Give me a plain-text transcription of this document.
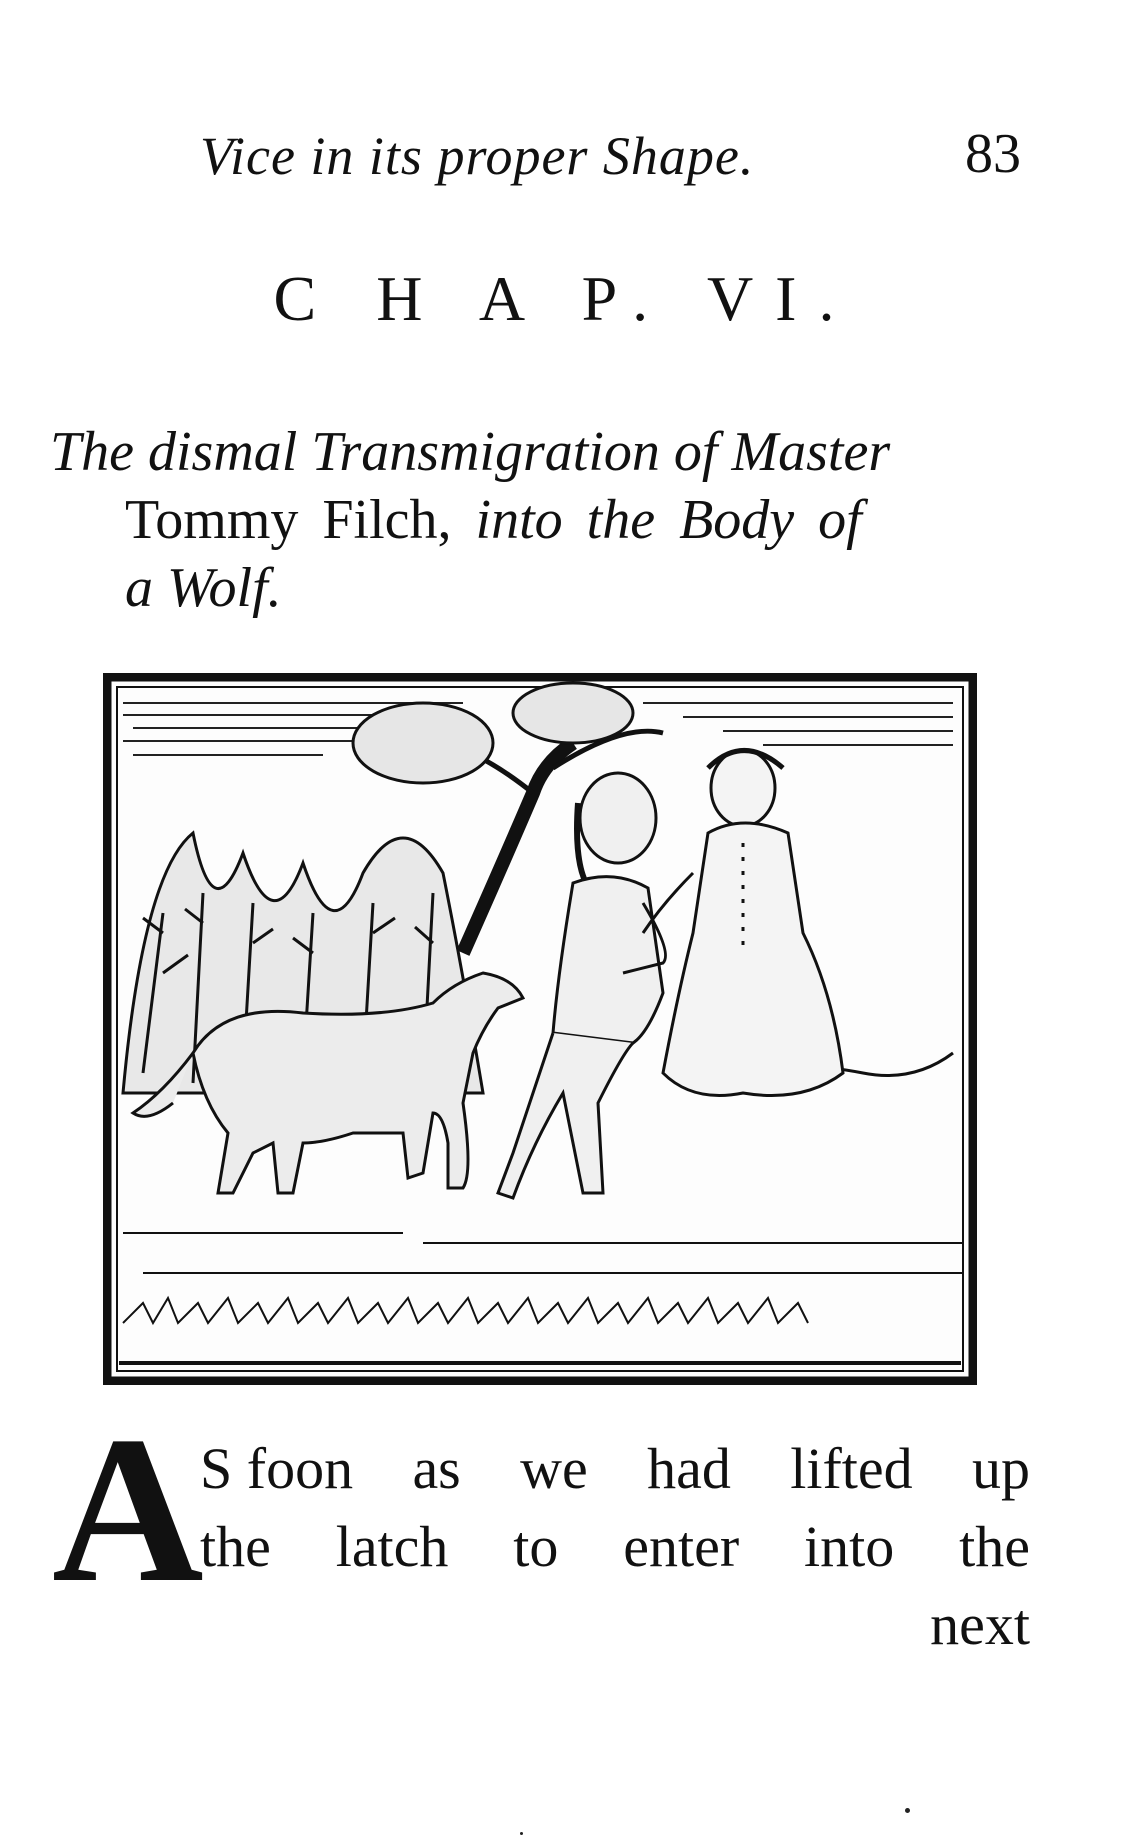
Vice in its proper Shape.	83
C H A P. VI.
The dismal Transmigration of Master
Tommy Filch, into the Body of
a Wolf.
A
S foon as we had lifted up
the latch to enter into the
next
